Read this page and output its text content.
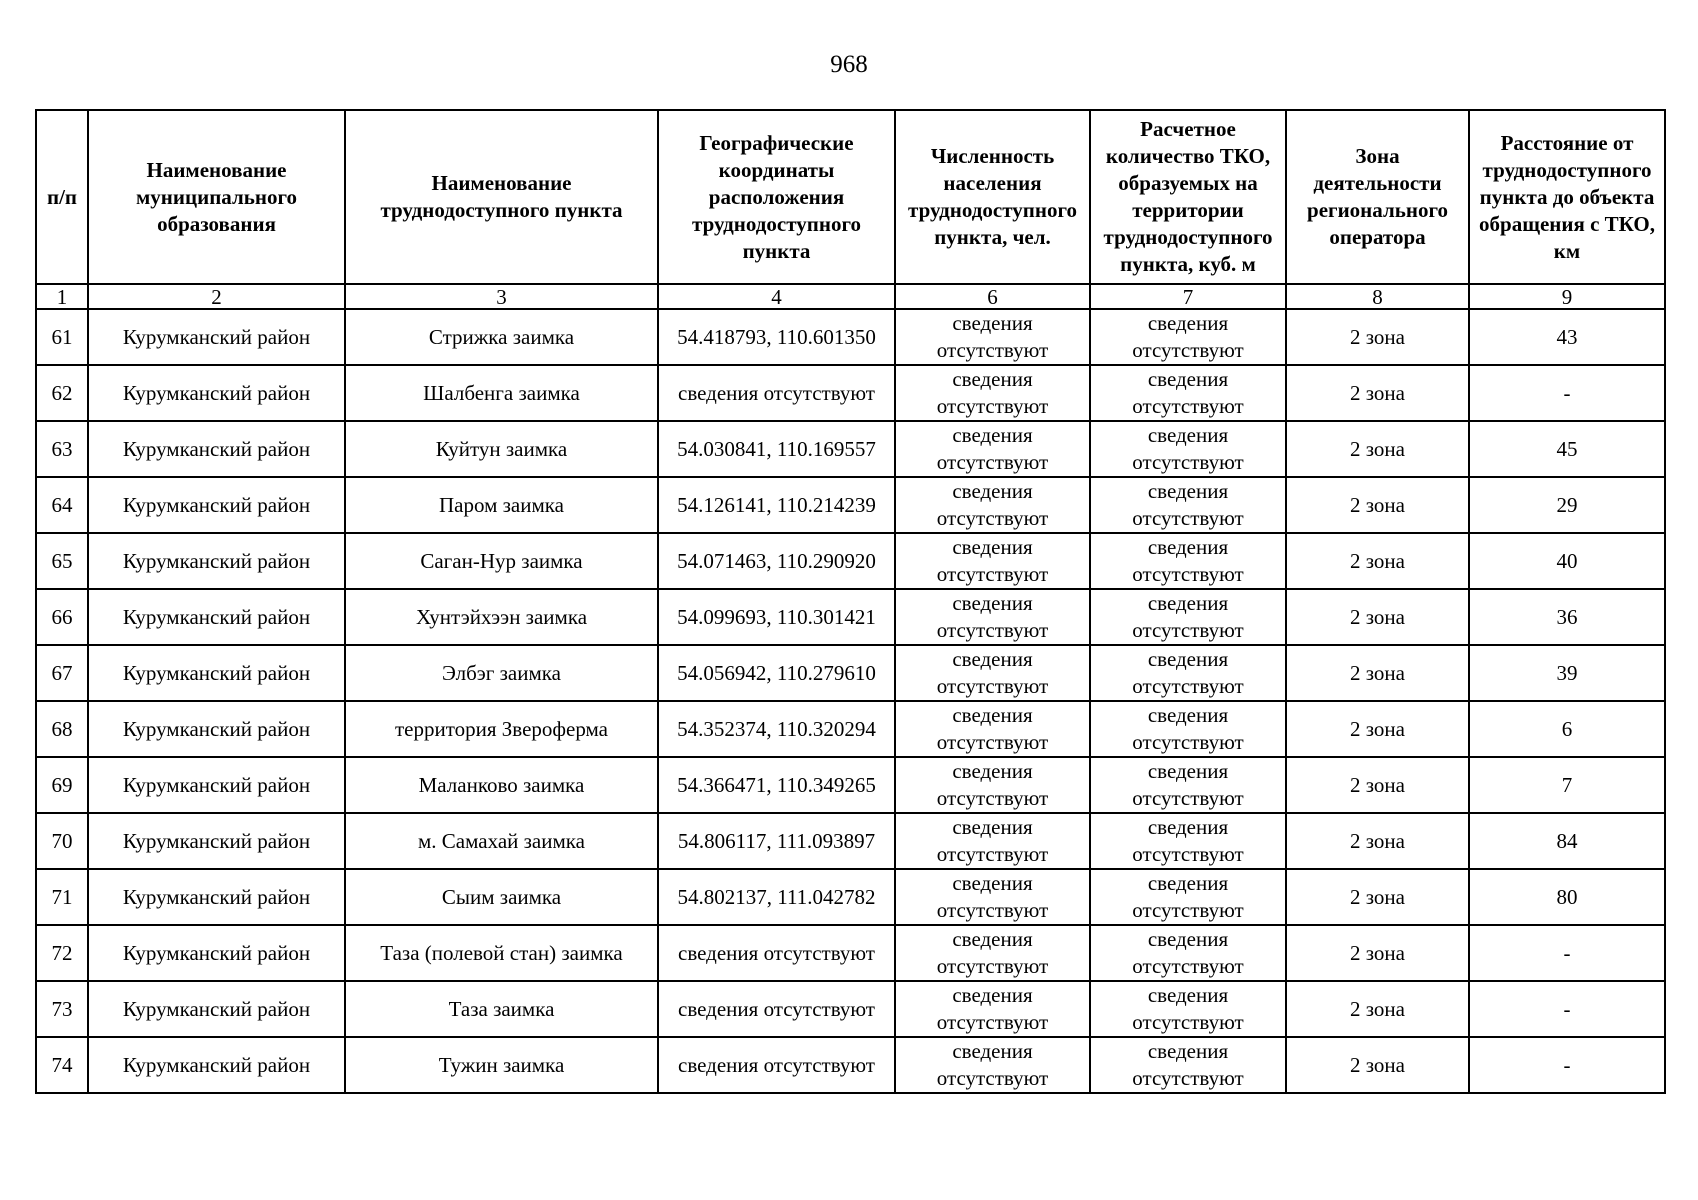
968
п/п	Наименование муниципального образования	Наименование труднодоступного пункта	Географические координаты расположения труднодоступного пункта	Численность населения труднодоступного пункта, чел.	Расчетное количество ТКО, образуемых на территории труднодоступного пункта, куб. м	Зона деятельности регионального оператора	Расстояние от труднодоступного пункта до объекта обращения с ТКО, км
1	2	3	4	6	7	8	9
61	Курумканский район	Стрижка заимка	54.418793, 110.601350	сведения отсутствуют	сведения отсутствуют	2 зона	43
62	Курумканский район	Шалбенга заимка	сведения отсутствуют	сведения отсутствуют	сведения отсутствуют	2 зона	-
63	Курумканский район	Куйтун заимка	54.030841, 110.169557	сведения отсутствуют	сведения отсутствуют	2 зона	45
64	Курумканский район	Паром заимка	54.126141, 110.214239	сведения отсутствуют	сведения отсутствуют	2 зона	29
65	Курумканский район	Саган-Нур заимка	54.071463, 110.290920	сведения отсутствуют	сведения отсутствуют	2 зона	40
66	Курумканский район	Хунтэйхээн заимка	54.099693, 110.301421	сведения отсутствуют	сведения отсутствуют	2 зона	36
67	Курумканский район	Элбэг заимка	54.056942, 110.279610	сведения отсутствуют	сведения отсутствуют	2 зона	39
68	Курумканский район	территория Звероферма	54.352374, 110.320294	сведения отсутствуют	сведения отсутствуют	2 зона	6
69	Курумканский район	Маланково заимка	54.366471, 110.349265	сведения отсутствуют	сведения отсутствуют	2 зона	7
70	Курумканский район	м. Самахай заимка	54.806117, 111.093897	сведения отсутствуют	сведения отсутствуют	2 зона	84
71	Курумканский район	Сыим заимка	54.802137, 111.042782	сведения отсутствуют	сведения отсутствуют	2 зона	80
72	Курумканский район	Таза (полевой стан) заимка	сведения отсутствуют	сведения отсутствуют	сведения отсутствуют	2 зона	-
73	Курумканский район	Таза заимка	сведения отсутствуют	сведения отсутствуют	сведения отсутствуют	2 зона	-
74	Курумканский район	Тужин заимка	сведения отсутствуют	сведения отсутствуют	сведения отсутствуют	2 зона	-
